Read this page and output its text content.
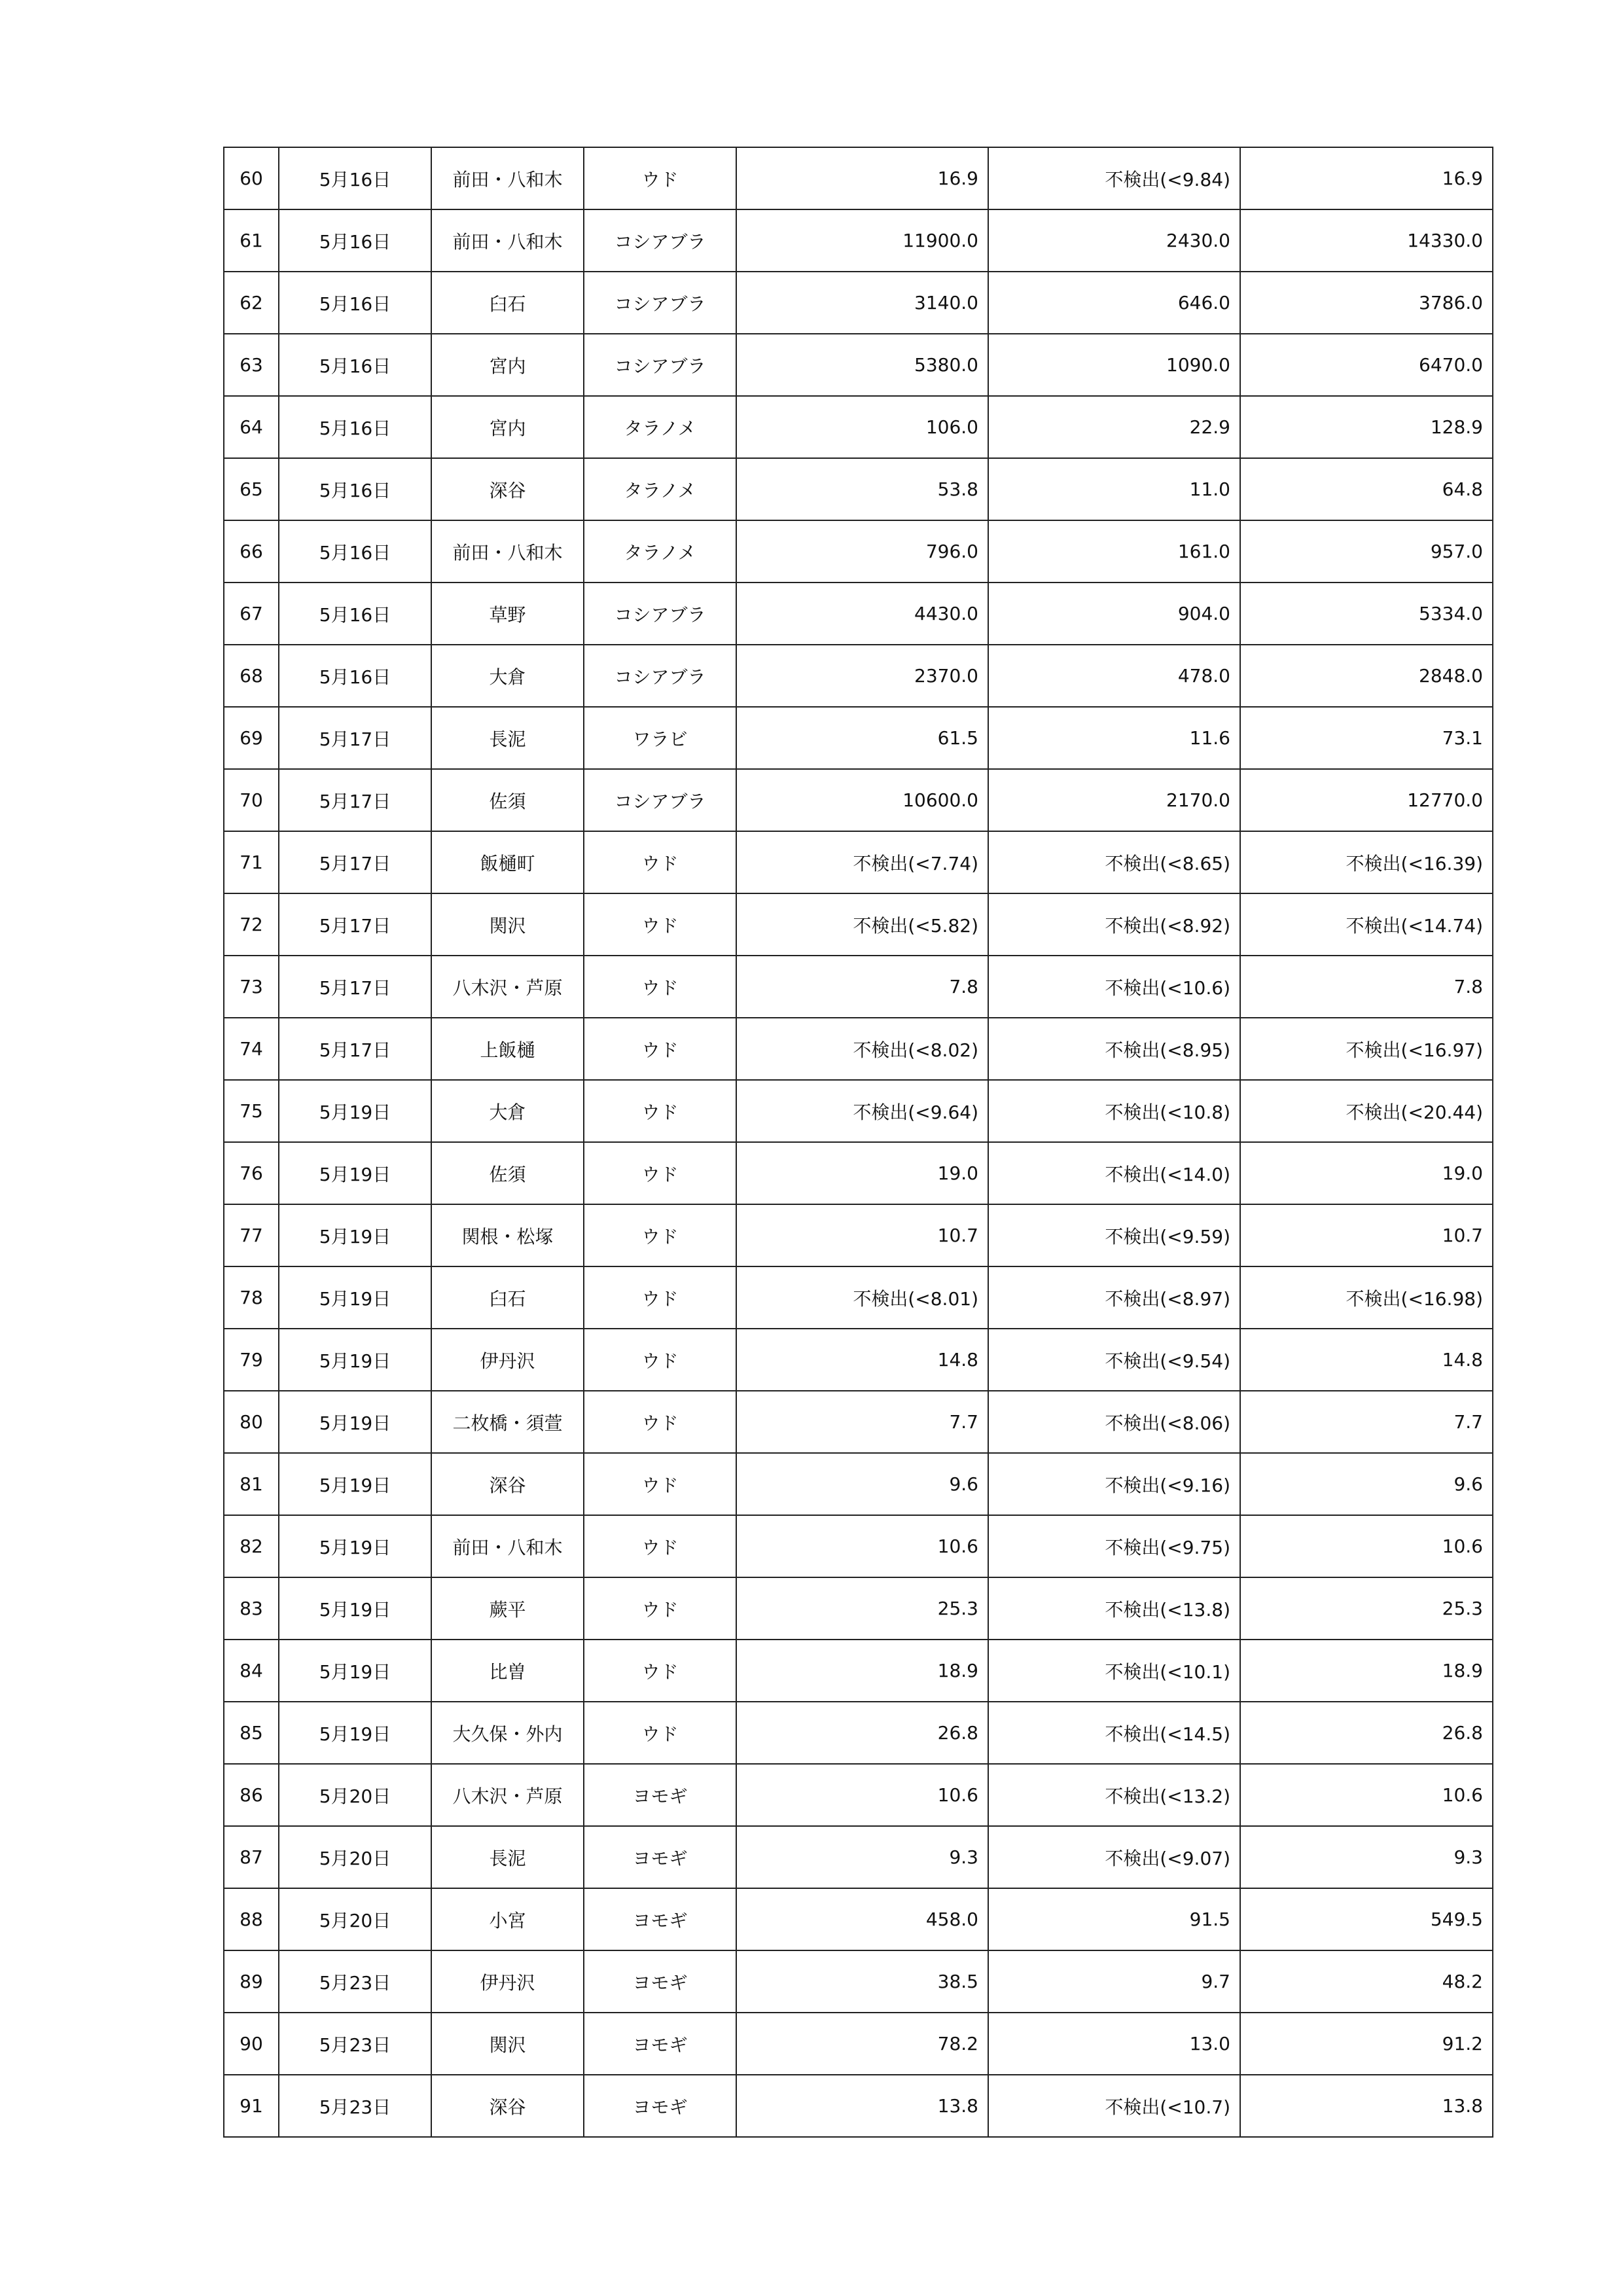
60	5月16日	前田・八和木	ウド	16.9	不検出(<9.84)	16.9
61	5月16日	前田・八和木	コシアブラ	11900.0	2430.0	14330.0
62	5月16日	臼石	コシアブラ	3140.0	646.0	3786.0
63	5月16日	宮内	コシアブラ	5380.0	1090.0	6470.0
64	5月16日	宮内	タラノメ	106.0	22.9	128.9
65	5月16日	深谷	タラノメ	53.8	11.0	64.8
66	5月16日	前田・八和木	タラノメ	796.0	161.0	957.0
67	5月16日	草野	コシアブラ	4430.0	904.0	5334.0
68	5月16日	大倉	コシアブラ	2370.0	478.0	2848.0
69	5月17日	長泥	ワラビ	61.5	11.6	73.1
70	5月17日	佐須	コシアブラ	10600.0	2170.0	12770.0
71	5月17日	飯樋町	ウド	不検出(<7.74)	不検出(<8.65)	不検出(<16.39)
72	5月17日	関沢	ウド	不検出(<5.82)	不検出(<8.92)	不検出(<14.74)
73	5月17日	八木沢・芦原	ウド	7.8	不検出(<10.6)	7.8
74	5月17日	上飯樋	ウド	不検出(<8.02)	不検出(<8.95)	不検出(<16.97)
75	5月19日	大倉	ウド	不検出(<9.64)	不検出(<10.8)	不検出(<20.44)
76	5月19日	佐須	ウド	19.0	不検出(<14.0)	19.0
77	5月19日	関根・松塚	ウド	10.7	不検出(<9.59)	10.7
78	5月19日	臼石	ウド	不検出(<8.01)	不検出(<8.97)	不検出(<16.98)
79	5月19日	伊丹沢	ウド	14.8	不検出(<9.54)	14.8
80	5月19日	二枚橋・須萱	ウド	7.7	不検出(<8.06)	7.7
81	5月19日	深谷	ウド	9.6	不検出(<9.16)	9.6
82	5月19日	前田・八和木	ウド	10.6	不検出(<9.75)	10.6
83	5月19日	蕨平	ウド	25.3	不検出(<13.8)	25.3
84	5月19日	比曽	ウド	18.9	不検出(<10.1)	18.9
85	5月19日	大久保・外内	ウド	26.8	不検出(<14.5)	26.8
86	5月20日	八木沢・芦原	ヨモギ	10.6	不検出(<13.2)	10.6
87	5月20日	長泥	ヨモギ	9.3	不検出(<9.07)	9.3
88	5月20日	小宮	ヨモギ	458.0	91.5	549.5
89	5月23日	伊丹沢	ヨモギ	38.5	9.7	48.2
90	5月23日	関沢	ヨモギ	78.2	13.0	91.2
91	5月23日	深谷	ヨモギ	13.8	不検出(<10.7)	13.8
